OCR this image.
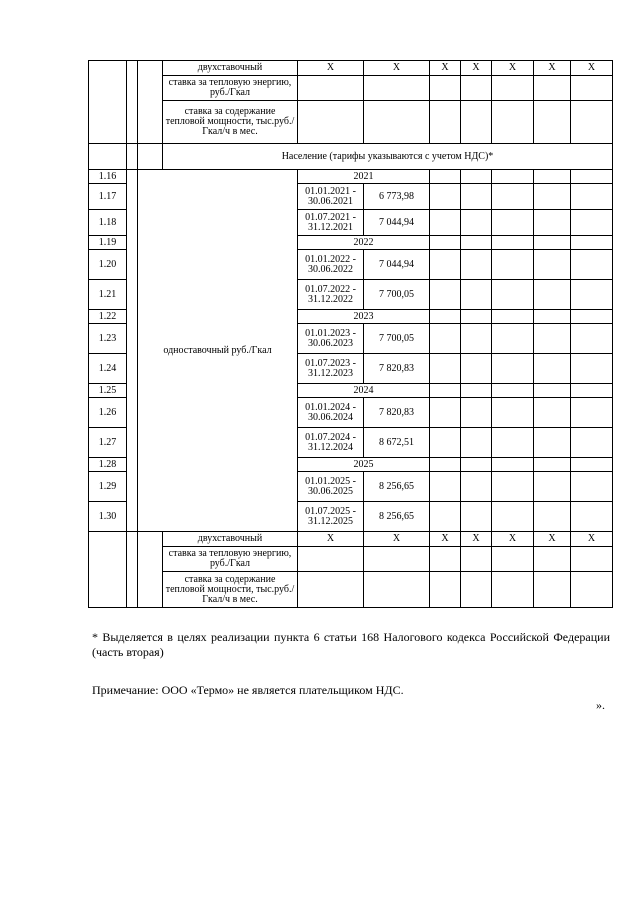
			двухставочный	X	X	X	X	X	X	X
			ставка за тепловую энергию, руб./Гкал							
			ставка за содержание тепловой мощности, тыс.руб./Гкал/ч в мес.							
			Население (тарифы указываются с учетом НДС)*							
1.16		одноставочный руб./Гкал		2021						
1.17				01.01.2021 - 30.06.2021	6 773,98					
1.18				01.07.2021 - 31.12.2021	7 044,94					
1.19				2022						
1.20				01.01.2022 - 30.06.2022	7 044,94					
1.21				01.07.2022 - 31.12.2022	7 700,05					
1.22				2023						
1.23				01.01.2023 - 30.06.2023	7 700,05					
1.24				01.07.2023 - 31.12.2023	7 820,83					
1.25				2024						
1.26				01.01.2024 - 30.06.2024	7 820,83					
1.27				01.07.2024 - 31.12.2024	8 672,51					
1.28				2025						
1.29				01.01.2025 - 30.06.2025	8 256,65					
1.30				01.07.2025 - 31.12.2025	8 256,65					
			двухставочный	X	X	X	X	X	X	X
			ставка за тепловую энергию, руб./Гкал							
			ставка за содержание тепловой мощности, тыс.руб./Гкал/ч в мес.							

* Выделяется в целях реализации пункта 6 статьи 168 Налогового кодекса Российской Федерации (часть вторая)

Примечание: ООО «Термо» не является плательщиком НДС.

».
